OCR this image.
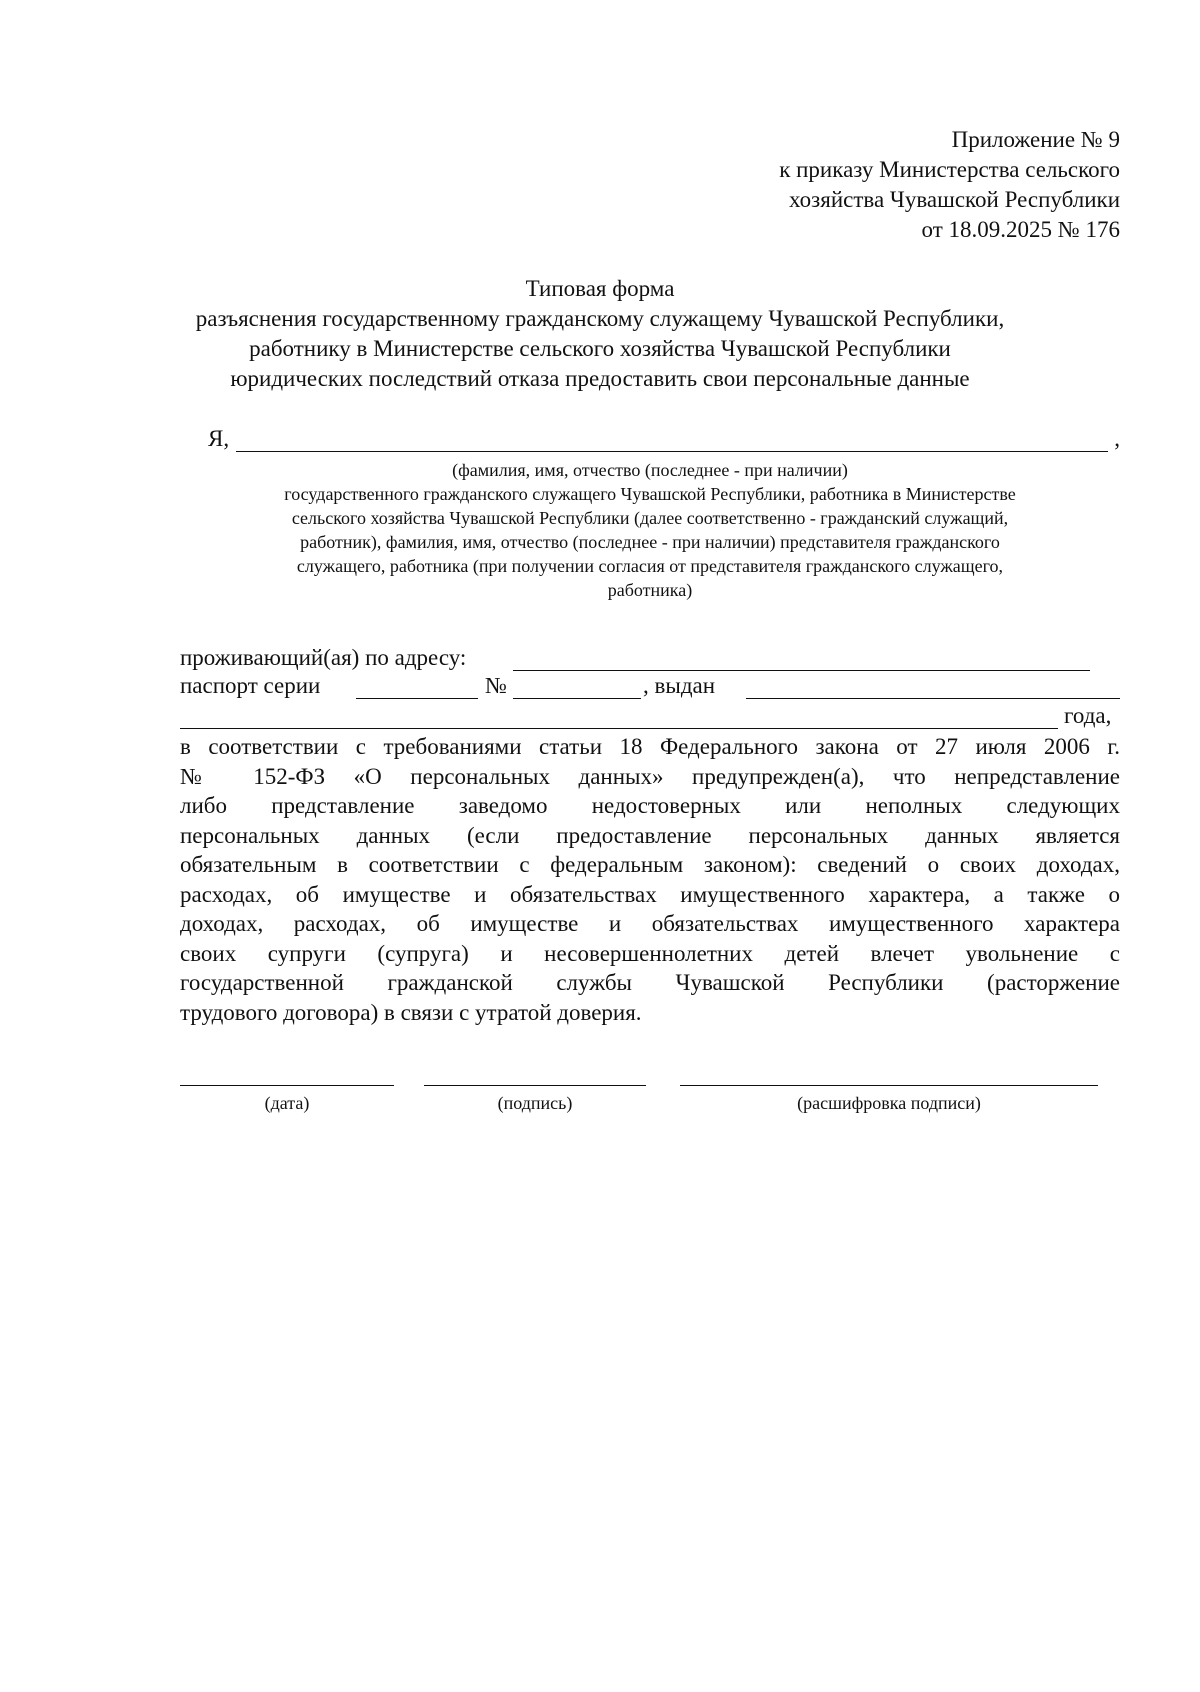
Приложение № 9
к приказу Министерства сельского
хозяйства Чувашской Республики
от 18.09.2025 № 176
Типовая форма
разъяснения государственному гражданскому служащему Чувашской Республики,
работнику в Министерстве сельского хозяйства Чувашской Республики
юридических последствий отказа предоставить свои персональные данные
Я,	,
(фамилия, имя, отчество (последнее - при наличии)
государственного гражданского служащего Чувашской Республики, работника в Министерстве
сельского хозяйства Чувашской Республики (далее соответственно - гражданский служащий,
работник), фамилия, имя, отчество (последнее - при наличии) представителя гражданского
служащего, работника (при получении согласия от представителя гражданского служащего,
работника)
проживающий(ая) по адресу:
паспорт серии	№	, выдан
года,
в соответствии с требованиями статьи 18 Федерального закона от 27 июля 2006 г.
№ 152-ФЗ «О персональных данных» предупрежден(а), что непредставление
либо представление заведомо недостоверных или неполных следующих
персональных данных (если предоставление персональных данных является
обязательным в соответствии с федеральным законом): сведений о своих доходах,
расходах, об имуществе и обязательствах имущественного характера, а также о
доходах, расходах, об имуществе и обязательствах имущественного характера
своих супруги (супруга) и несовершеннолетних детей влечет увольнение с
государственной гражданской службы Чувашской Республики (расторжение
трудового договора) в связи с утратой доверия.
(дата)	(подпись)	(расшифровка подписи)
